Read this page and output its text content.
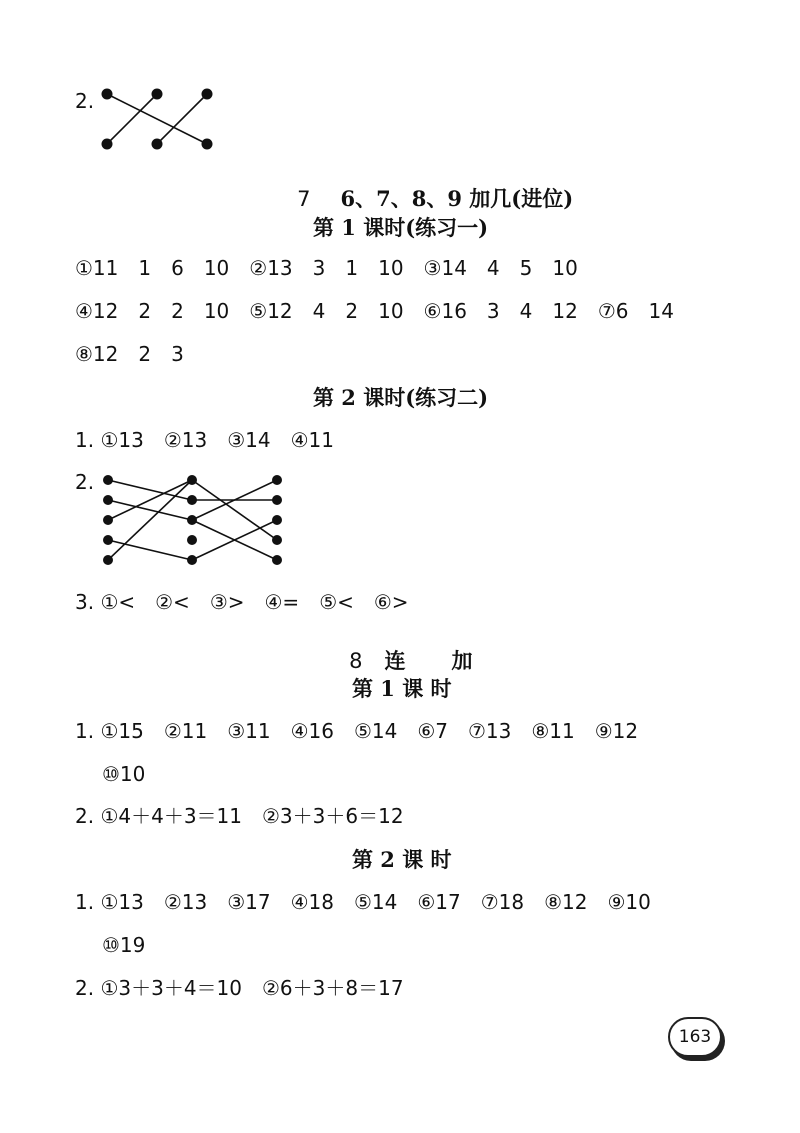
2.

7 6、7、8、9 加几(进位)

第 1 课时(练习一)
①11　1　6　10　②13　3　1　10　③14　4　5　10
④12　2　2　10　⑤12　4　2　10　⑥16　3　4　12　⑦6　14
⑧12　2　3
第 2 课时(练习二)
1. ①13　②13　③14　④11
2.
3. ①<　②<　③>　④=　⑤<　⑥>

8 连 加

第 1 课 时
1. ①15　②11　③11　④16　⑤14　⑥7　⑦13　⑧11　⑨12
⑩10
2. ①4＋4＋3＝11　②3＋3＋6＝12
第 2 课 时
1. ①13　②13　③17　④18　⑤14　⑥17　⑦18　⑧12　⑨10
⑩19
2. ①3＋3＋4＝10　②6＋3＋8＝17
163
